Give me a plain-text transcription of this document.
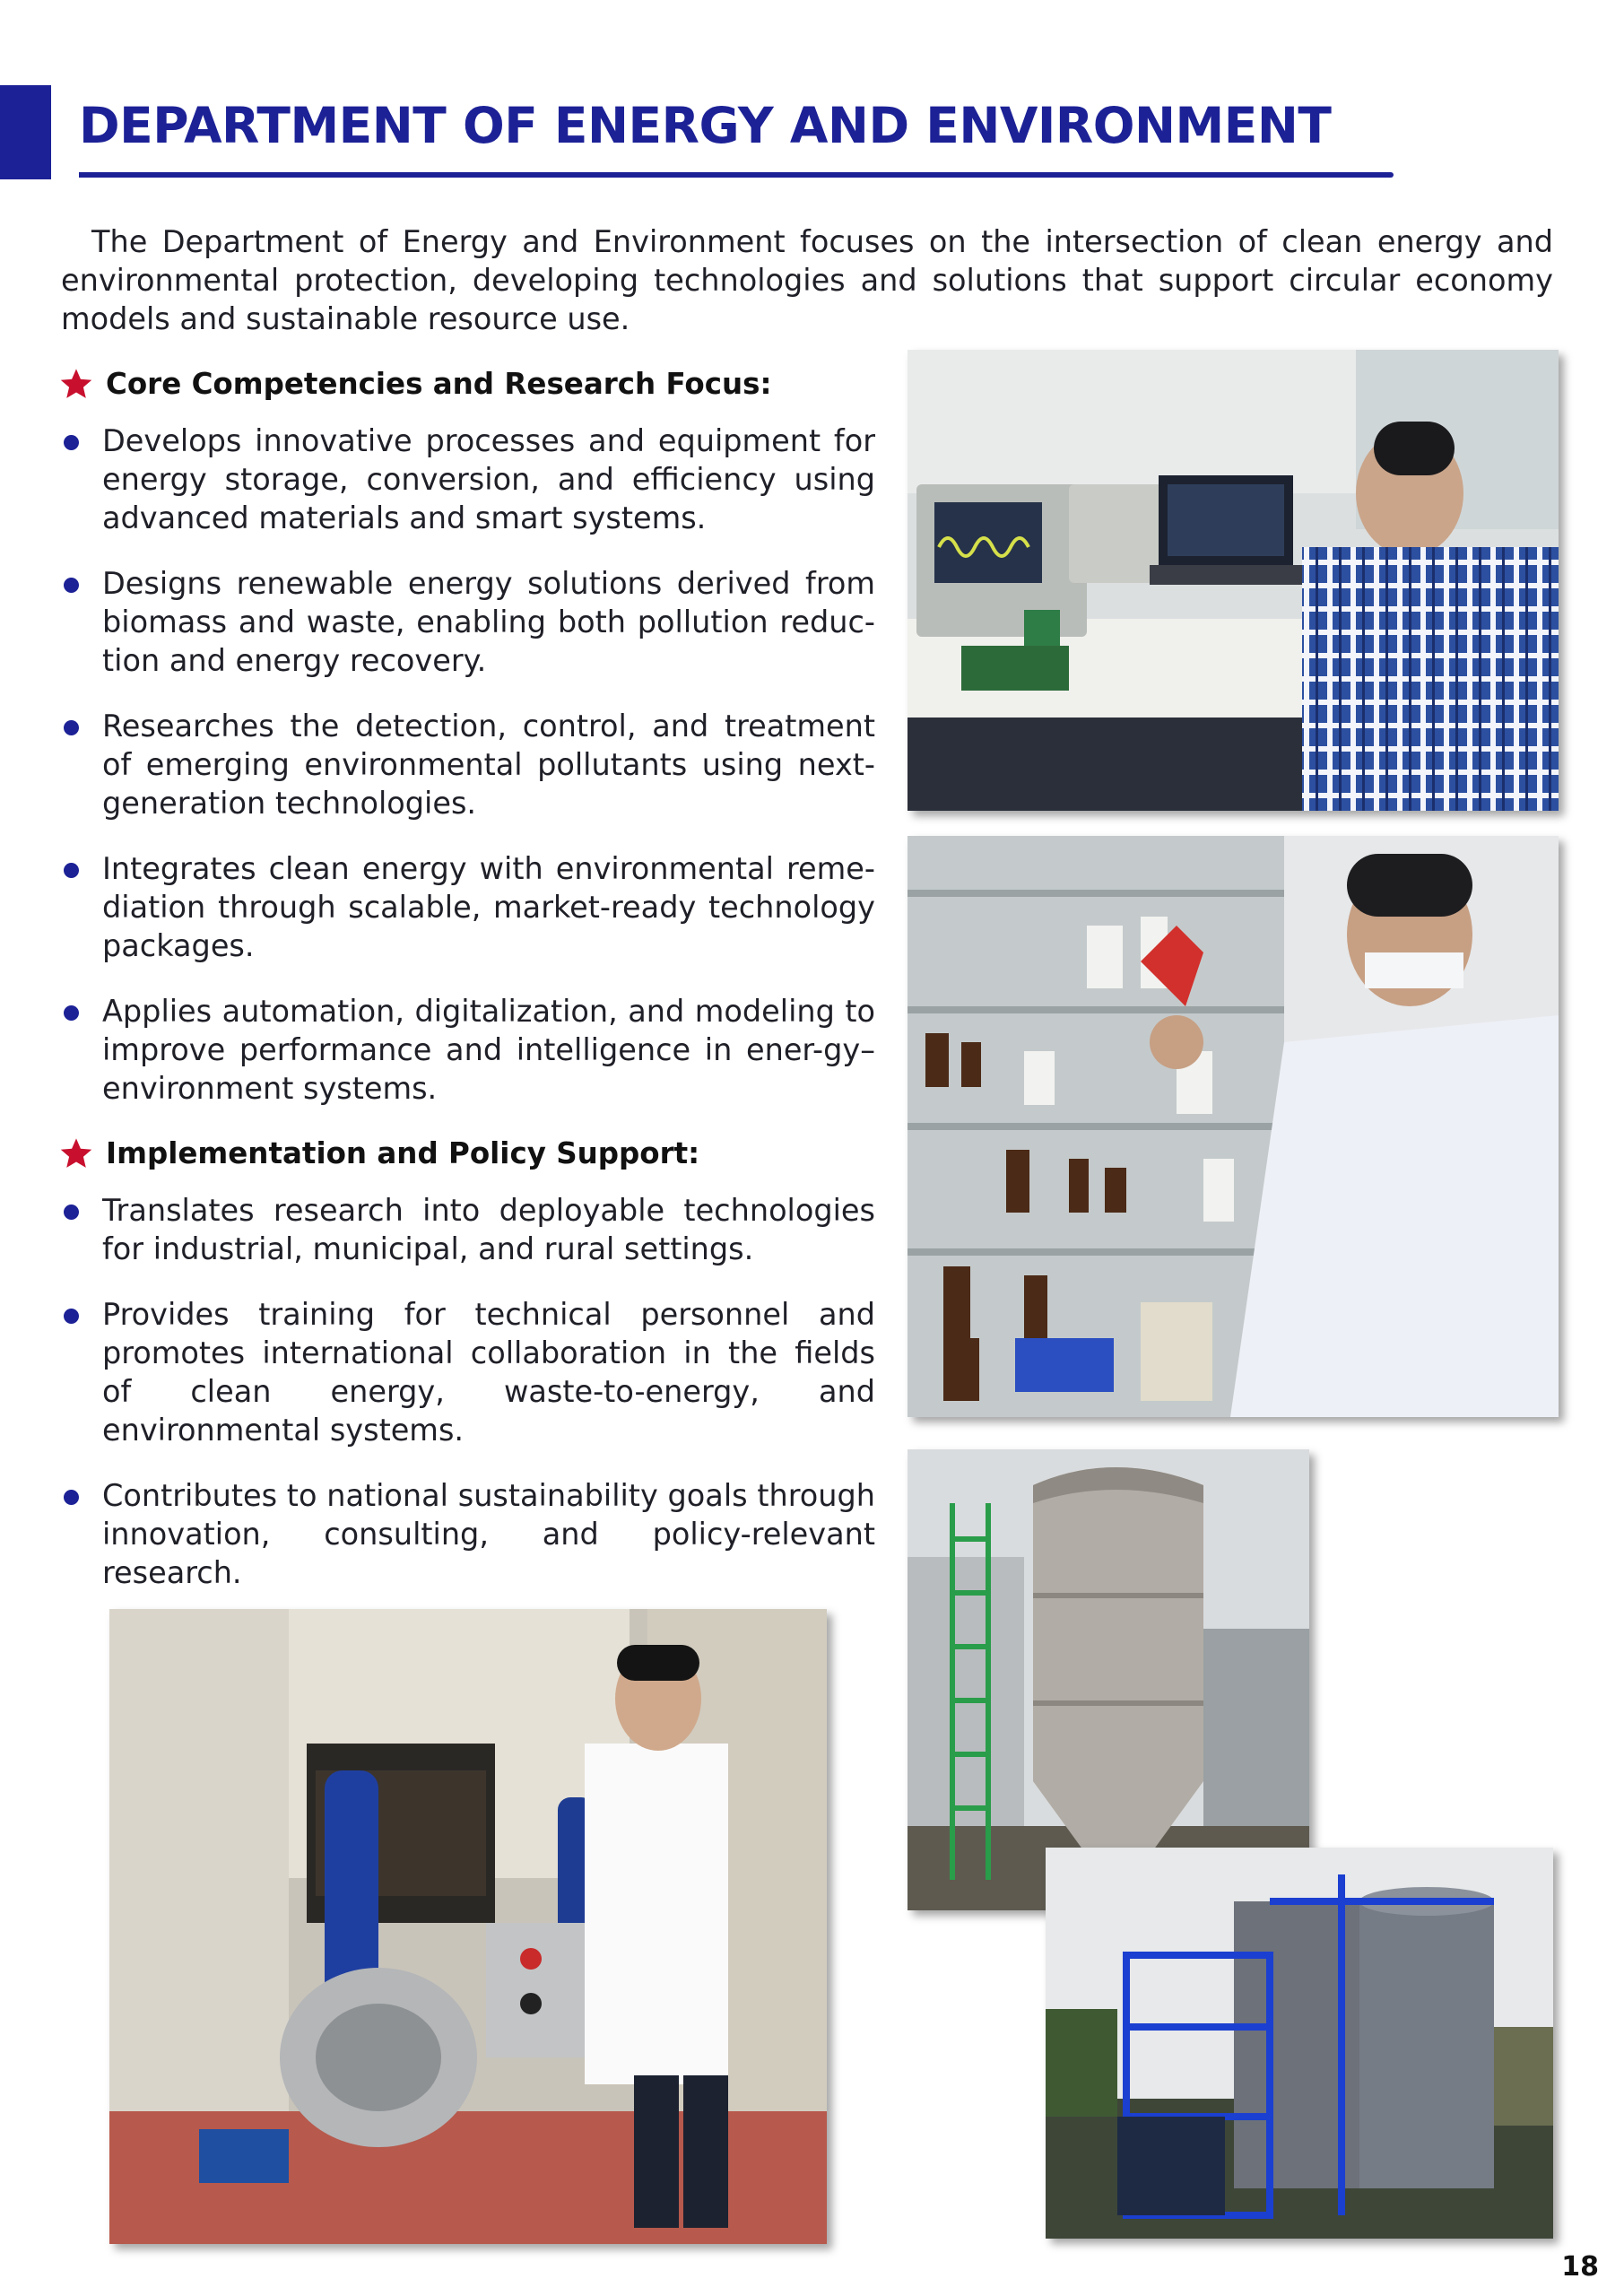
DEPARTMENT OF ENERGY AND ENVIRONMENT

The Department of Energy and Environment focuses on the intersection of clean energy and environmental protection, developing technologies and solutions that support circular economy models and sustainable resource use.

Core Competencies and Research Focus:

Develops innovative processes and equipment for energy storage, conversion, and efficiency using advanced materials and smart systems.

Designs renewable energy solutions derived from biomass and waste, enabling both pollution reduc-tion and energy recovery.

Researches the detection, control, and treatment of emerging environmental pollutants using next-generation technologies.

Integrates clean energy with environmental reme-diation through scalable, market-ready technology packages.

Applies automation, digitalization, and modeling to improve performance and intelligence in ener-gy–environment systems.

Implementation and Policy Support:

Translates research into deployable technologies for industrial, municipal, and rural settings.

Provides training for technical personnel and promotes international collaboration in the fields of clean energy, waste-to-energy, and environmental systems.

Contributes to national sustainability goals through innovation, consulting, and policy-relevant research.

18
